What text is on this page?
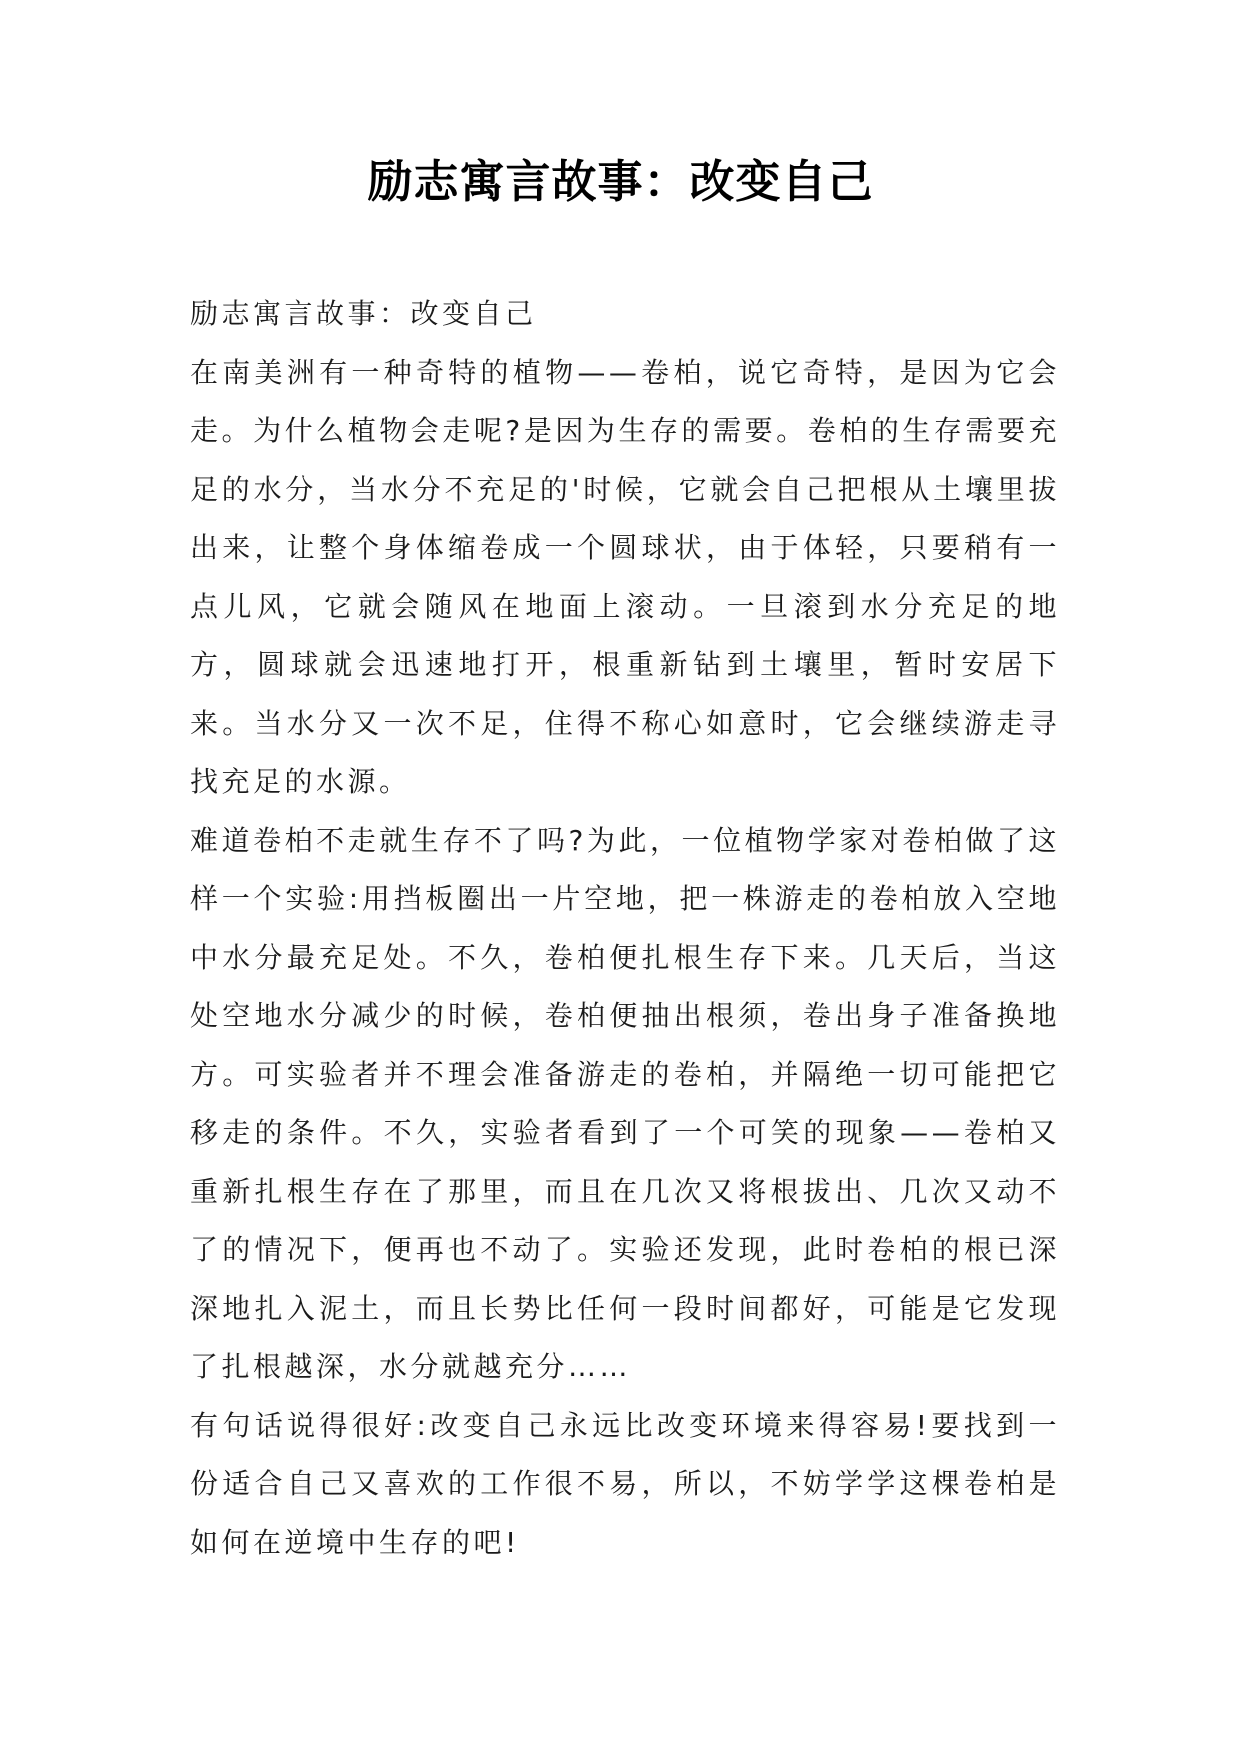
励志寓言故事：改变自己

励志寓言故事：改变自己

在南美洲有一种奇特的植物——卷柏，说它奇特，是因为它会走。为什么植物会走呢?是因为生存的需要。卷柏的生存需要充足的水分，当水分不充足的'时候，它就会自己把根从土壤里拔出来，让整个身体缩卷成一个圆球状，由于体轻，只要稍有一点儿风，它就会随风在地面上滚动。一旦滚到水分充足的地方，圆球就会迅速地打开，根重新钻到土壤里，暂时安居下来。当水分又一次不足，住得不称心如意时，它会继续游走寻找充足的水源。

难道卷柏不走就生存不了吗?为此，一位植物学家对卷柏做了这样一个实验:用挡板圈出一片空地，把一株游走的卷柏放入空地中水分最充足处。不久，卷柏便扎根生存下来。几天后，当这处空地水分减少的时候，卷柏便抽出根须，卷出身子准备换地方。可实验者并不理会准备游走的卷柏，并隔绝一切可能把它移走的条件。不久，实验者看到了一个可笑的现象——卷柏又重新扎根生存在了那里，而且在几次又将根拔出、几次又动不了的情况下，便再也不动了。实验还发现，此时卷柏的根已深深地扎入泥土，而且长势比任何一段时间都好，可能是它发现了扎根越深，水分就越充分……

有句话说得很好:改变自己永远比改变环境来得容易!要找到一份适合自己又喜欢的工作很不易，所以，不妨学学这棵卷柏是如何在逆境中生存的吧!
